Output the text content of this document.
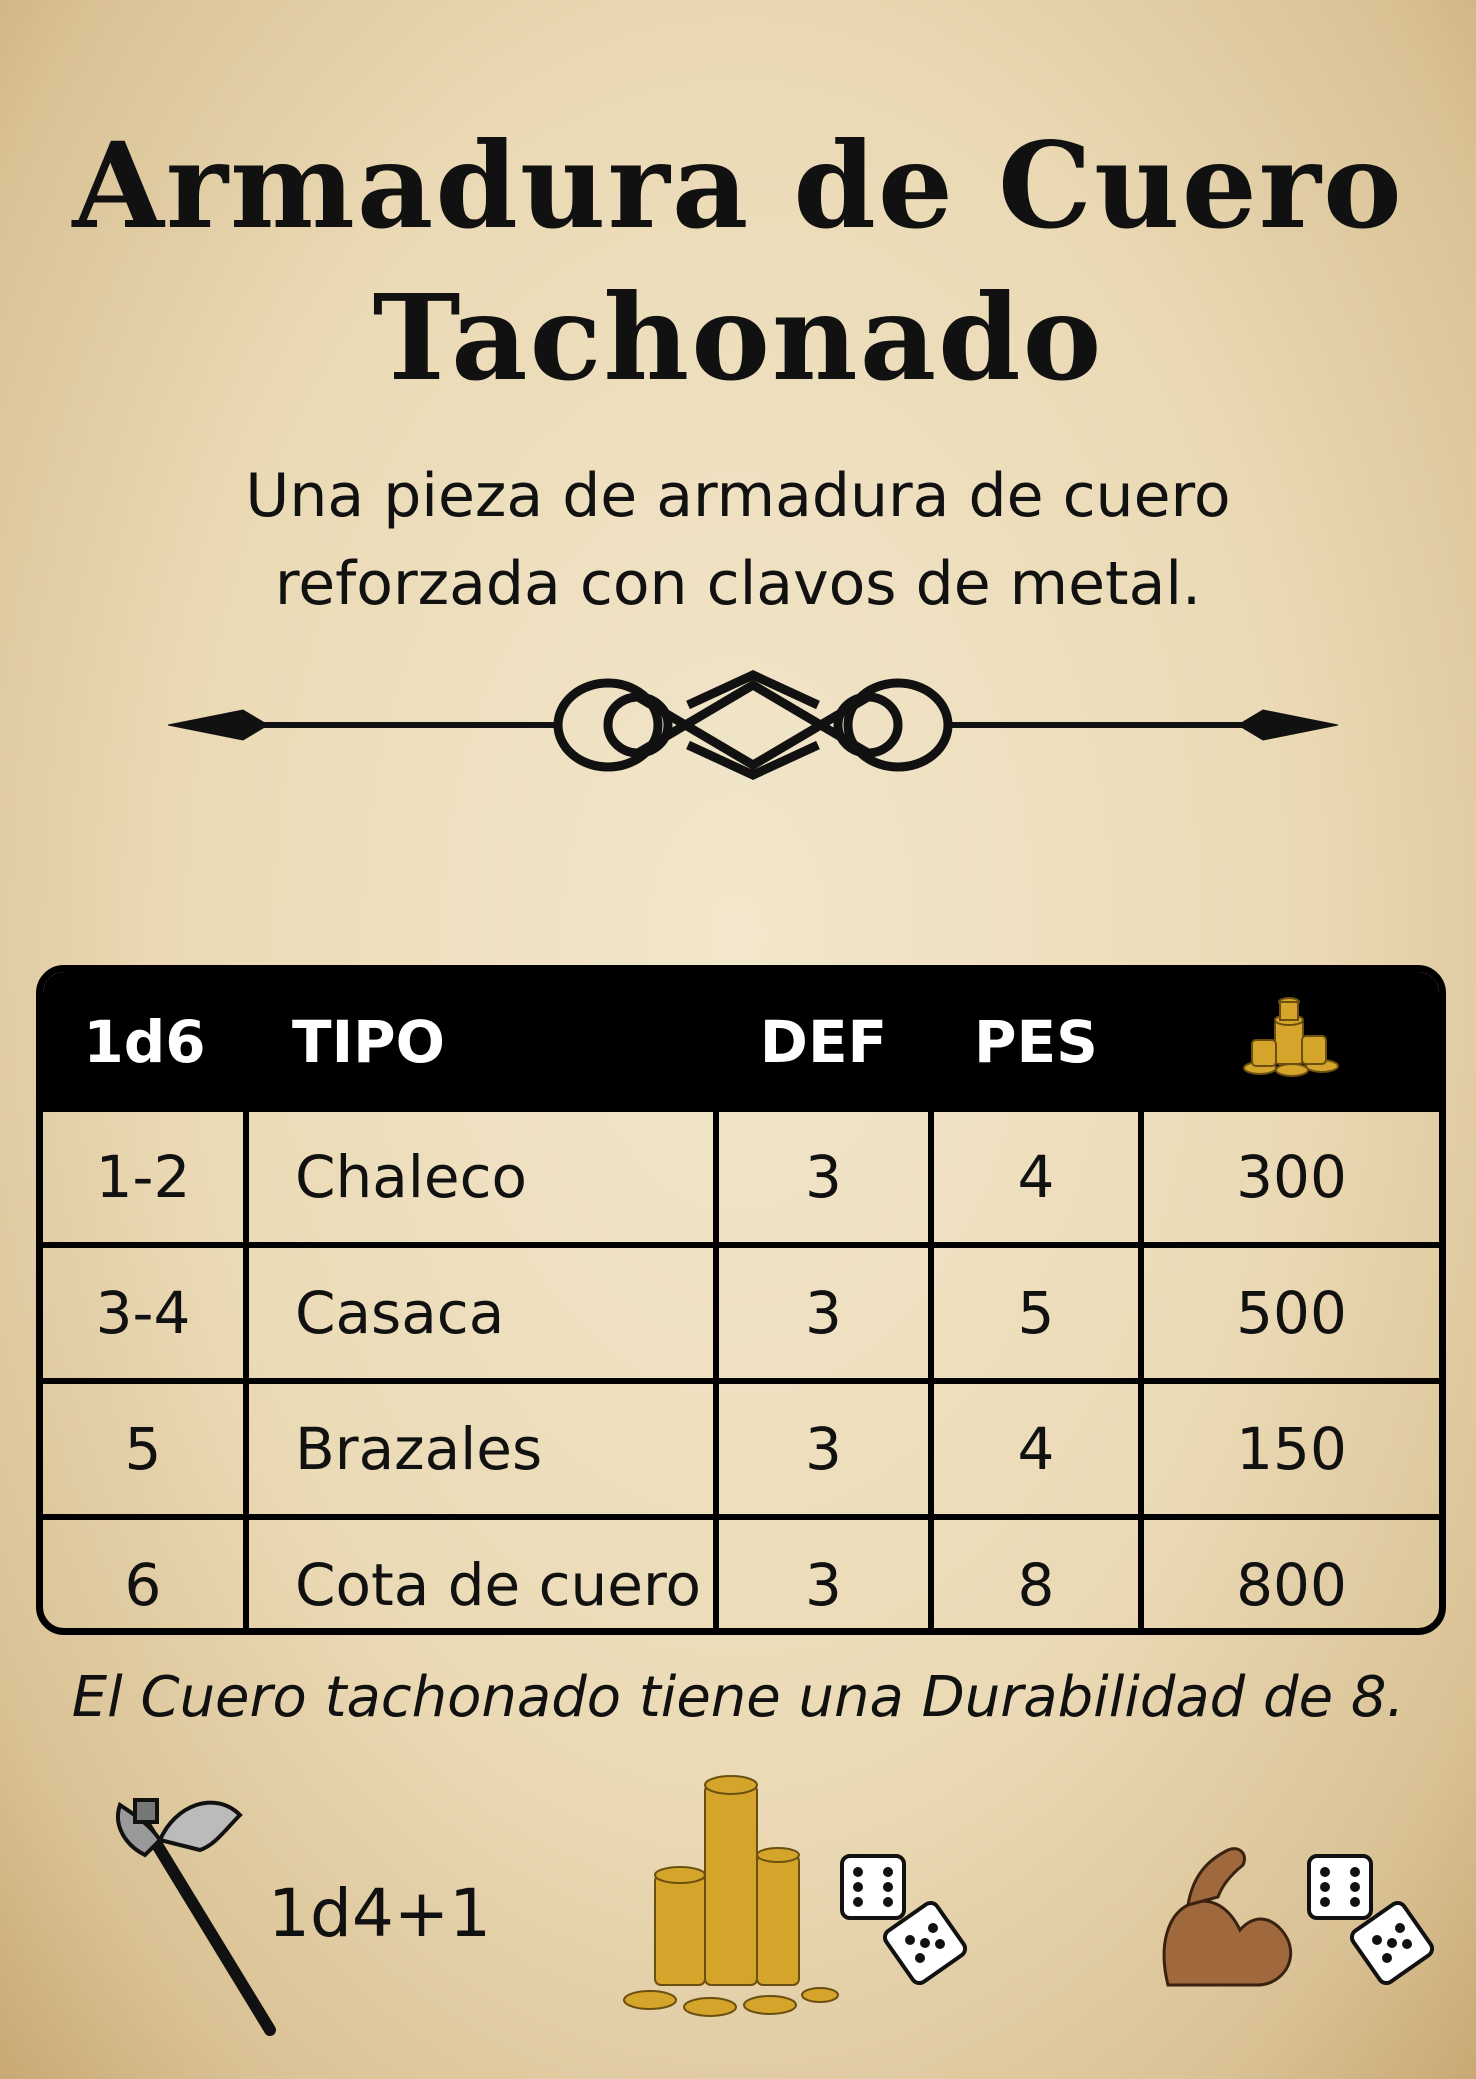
Armadura de Cuero
Tachonado

Una pieza de armadura de cuero
reforzada con clavos de metal.

1d6	TIPO	DEF	PES	
1-2	Chaleco	3	4	300
3-4	Casaca	3	5	500
5	Brazales	3	4	150
6	Cota de cuero	3	8	800

El Cuero tachonado tiene una Durabilidad de 8.

1d4+1
